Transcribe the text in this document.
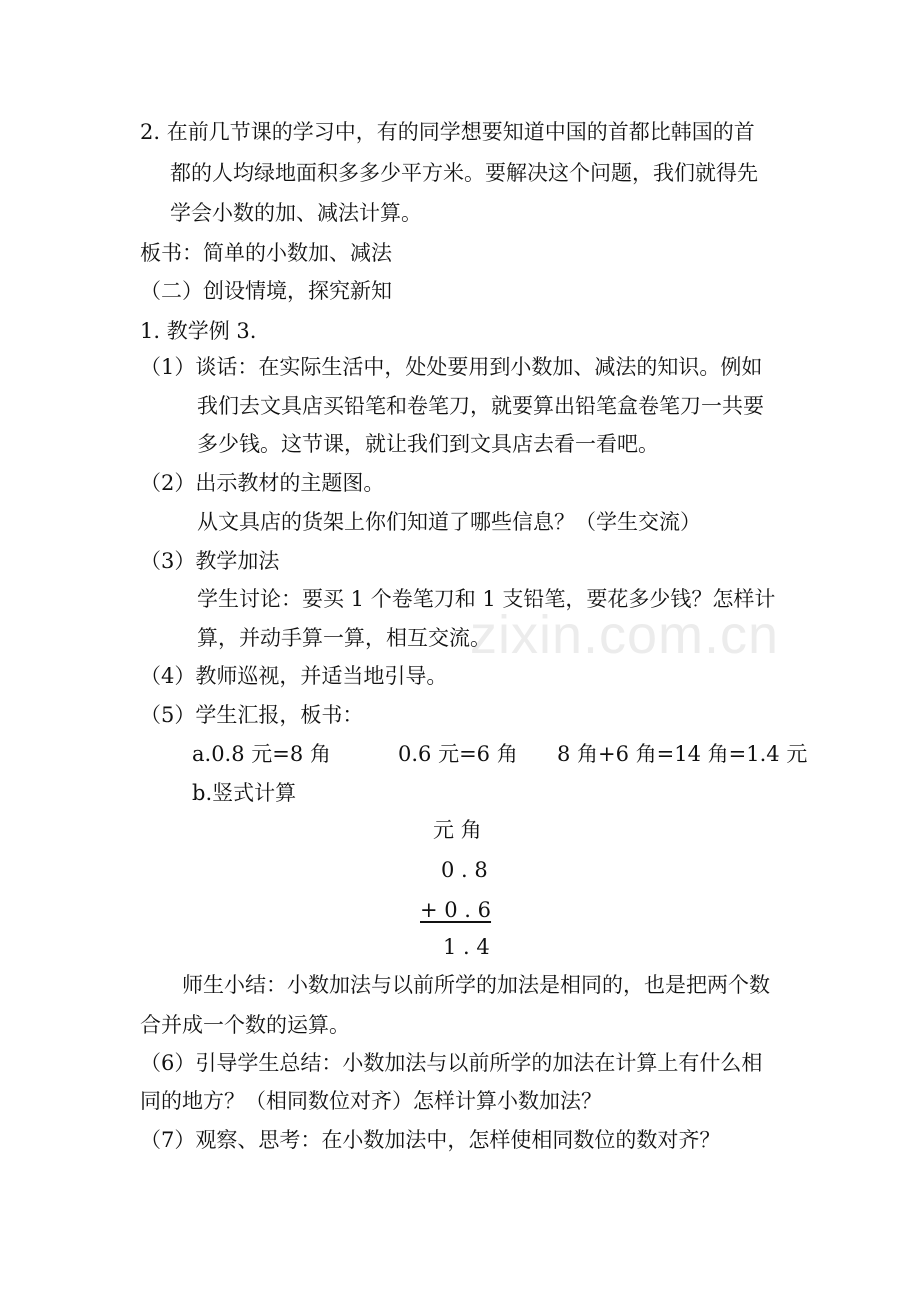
zixin.com.cn
2. 在前几节课的学习中，有的同学想要知道中国的首都比韩国的首
都的人均绿地面积多多少平方米。要解决这个问题，我们就得先
学会小数的加、减法计算。
板书：简单的小数加、减法
（二）创设情境，探究新知
1. 教学例 3.
（1）谈话：在实际生活中，处处要用到小数加、减法的知识。例如
我们去文具店买铅笔和卷笔刀，就要算出铅笔盒卷笔刀一共要
多少钱。这节课，就让我们到文具店去看一看吧。
（2）出示教材的主题图。
从文具店的货架上你们知道了哪些信息？（学生交流）
（3）教学加法
学生讨论：要买 1 个卷笔刀和 1 支铅笔，要花多少钱？怎样计
算，并动手算一算，相互交流。
（4）教师巡视，并适当地引导。
（5）学生汇报，板书：
a.0.8 元=8 角	0.6 元=6 角 8 角+6 角=14 角=1.4 元
b.竖式计算
元 角
0 . 8
+ 0 . 6
1 . 4
师生小结：小数加法与以前所学的加法是相同的，也是把两个数
合并成一个数的运算。
（6）引导学生总结：小数加法与以前所学的加法在计算上有什么相
同的地方？（相同数位对齐）怎样计算小数加法？
（7）观察、思考：在小数加法中，怎样使相同数位的数对齐？
